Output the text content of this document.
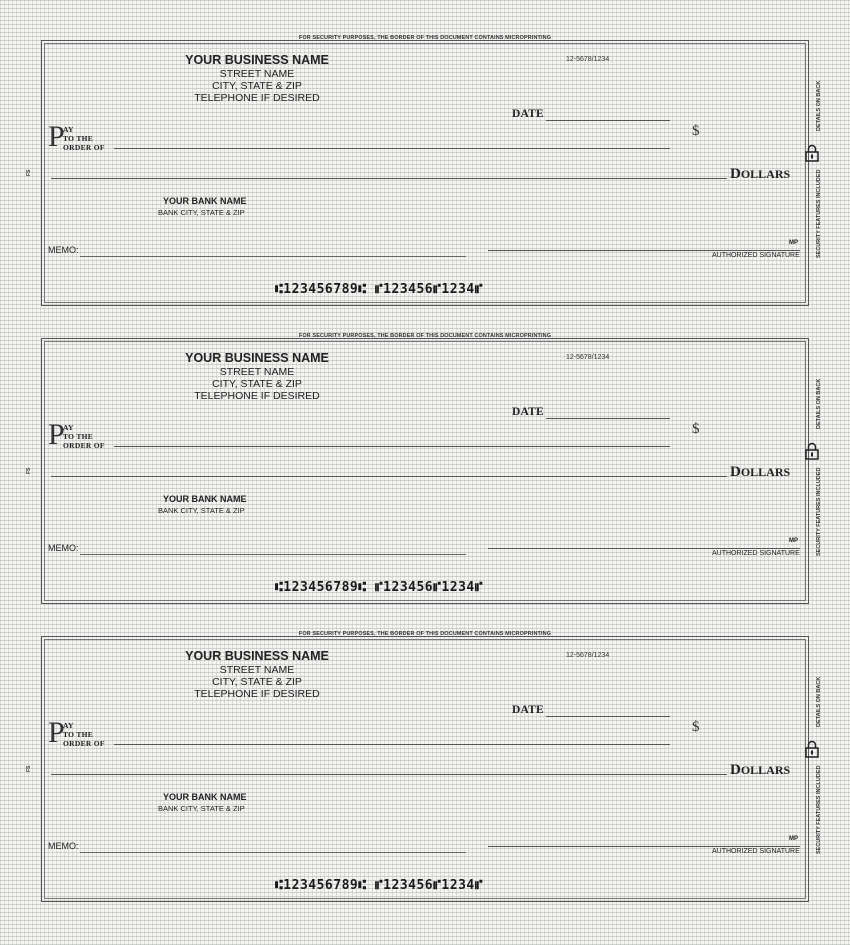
FOR SECURITY PURPOSES, THE BORDER OF THIS DOCUMENT CONTAINS MICROPRINTING
YOUR BUSINESS NAME
STREET NAME
CITY, STATE & ZIP
TELEPHONE IF DESIRED
12-5678/1234
DATE
P
AY
TO THE
ORDER OF
$
DOLLARS
FS
YOUR BANK NAME
BANK CITY, STATE & ZIP
MEMO:
MP
AUTHORIZED SIGNATURE
⑆123456789⑆ ⑈123456⑈1234⑈
DETAILS ON BACK
SECURITY FEATURES INCLUDED
FOR SECURITY PURPOSES, THE BORDER OF THIS DOCUMENT CONTAINS MICROPRINTING
YOUR BUSINESS NAME
STREET NAME
CITY, STATE & ZIP
TELEPHONE IF DESIRED
12-5678/1234
DATE
P
AY
TO THE
ORDER OF
$
DOLLARS
FS
YOUR BANK NAME
BANK CITY, STATE & ZIP
MEMO:
MP
AUTHORIZED SIGNATURE
⑆123456789⑆ ⑈123456⑈1234⑈
DETAILS ON BACK
SECURITY FEATURES INCLUDED
FOR SECURITY PURPOSES, THE BORDER OF THIS DOCUMENT CONTAINS MICROPRINTING
YOUR BUSINESS NAME
STREET NAME
CITY, STATE & ZIP
TELEPHONE IF DESIRED
12-5678/1234
DATE
P
AY
TO THE
ORDER OF
$
DOLLARS
FS
YOUR BANK NAME
BANK CITY, STATE & ZIP
MEMO:
MP
AUTHORIZED SIGNATURE
⑆123456789⑆ ⑈123456⑈1234⑈
DETAILS ON BACK
SECURITY FEATURES INCLUDED
